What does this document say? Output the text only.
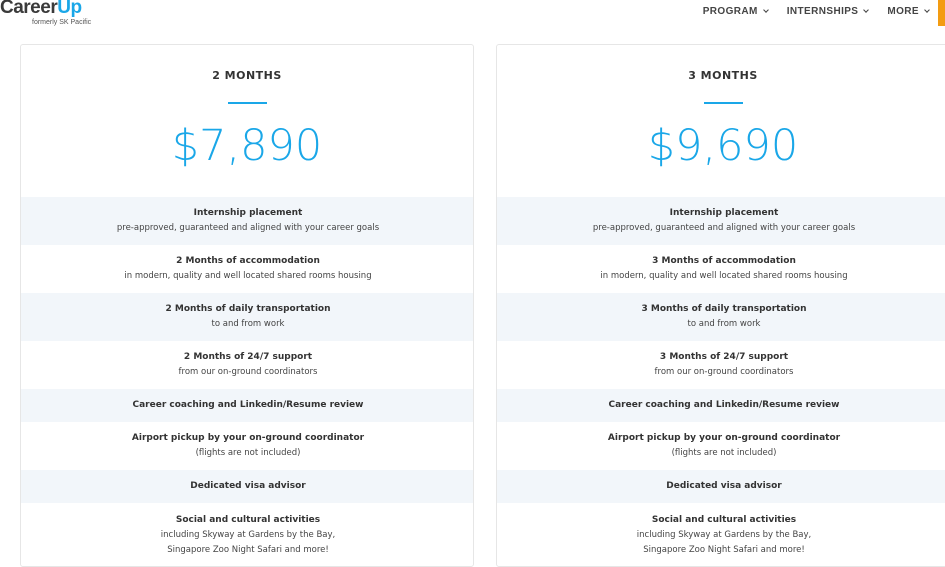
CareerUp
formerly SK Pacific
PROGRAM	INTERNSHIPS	MORE
2 MONTHS
$7,890
Internship placement
pre-approved, guaranteed and aligned with your career goals
2 Months of accommodation
in modern, quality and well located shared rooms housing
2 Months of daily transportation
to and from work
2 Months of 24/7 support
from our on-ground coordinators
Career coaching and Linkedin/Resume review
Airport pickup by your on-ground coordinator
(flights are not included)
Dedicated visa advisor
Social and cultural activities
including Skyway at Gardens by the Bay,
Singapore Zoo Night Safari and more!
3 MONTHS
$9,690
Internship placement
pre-approved, guaranteed and aligned with your career goals
3 Months of accommodation
in modern, quality and well located shared rooms housing
3 Months of daily transportation
to and from work
3 Months of 24/7 support
from our on-ground coordinators
Career coaching and Linkedin/Resume review
Airport pickup by your on-ground coordinator
(flights are not included)
Dedicated visa advisor
Social and cultural activities
including Skyway at Gardens by the Bay,
Singapore Zoo Night Safari and more!
